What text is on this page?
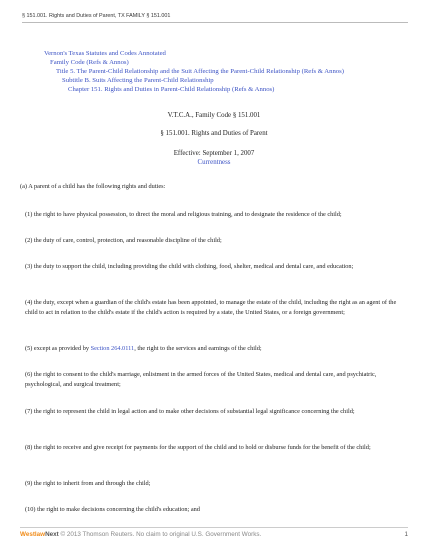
§ 151.001. Rights and Duties of Parent, TX FAMILY § 151.001
Vernon's Texas Statutes and Codes Annotated
Family Code (Refs & Annos)
Title 5. The Parent-Child Relationship and the Suit Affecting the Parent-Child Relationship (Refs & Annos)
Subtitle B. Suits Affecting the Parent-Child Relationship
Chapter 151. Rights and Duties in Parent-Child Relationship (Refs & Annos)
V.T.C.A., Family Code § 151.001
§ 151.001. Rights and Duties of Parent
Effective: September 1, 2007
Currentness
(a) A parent of a child has the following rights and duties:
(1) the right to have physical possession, to direct the moral and religious training, and to designate the residence of the child;
(2) the duty of care, control, protection, and reasonable discipline of the child;
(3) the duty to support the child, including providing the child with clothing, food, shelter, medical and dental care, and education;
(4) the duty, except when a guardian of the child's estate has been appointed, to manage the estate of the child, including the right as an agent of the child to act in relation to the child's estate if the child's action is required by a state, the United States, or a foreign government;
(5) except as provided by Section 264.0111, the right to the services and earnings of the child;
(6) the right to consent to the child's marriage, enlistment in the armed forces of the United States, medical and dental care, and psychiatric, psychological, and surgical treatment;
(7) the right to represent the child in legal action and to make other decisions of substantial legal significance concerning the child;
(8) the right to receive and give receipt for payments for the support of the child and to hold or disburse funds for the benefit of the child;
(9) the right to inherit from and through the child;
(10) the right to make decisions concerning the child's education; and
WestlawNext © 2013 Thomson Reuters. No claim to original U.S. Government Works.	1
